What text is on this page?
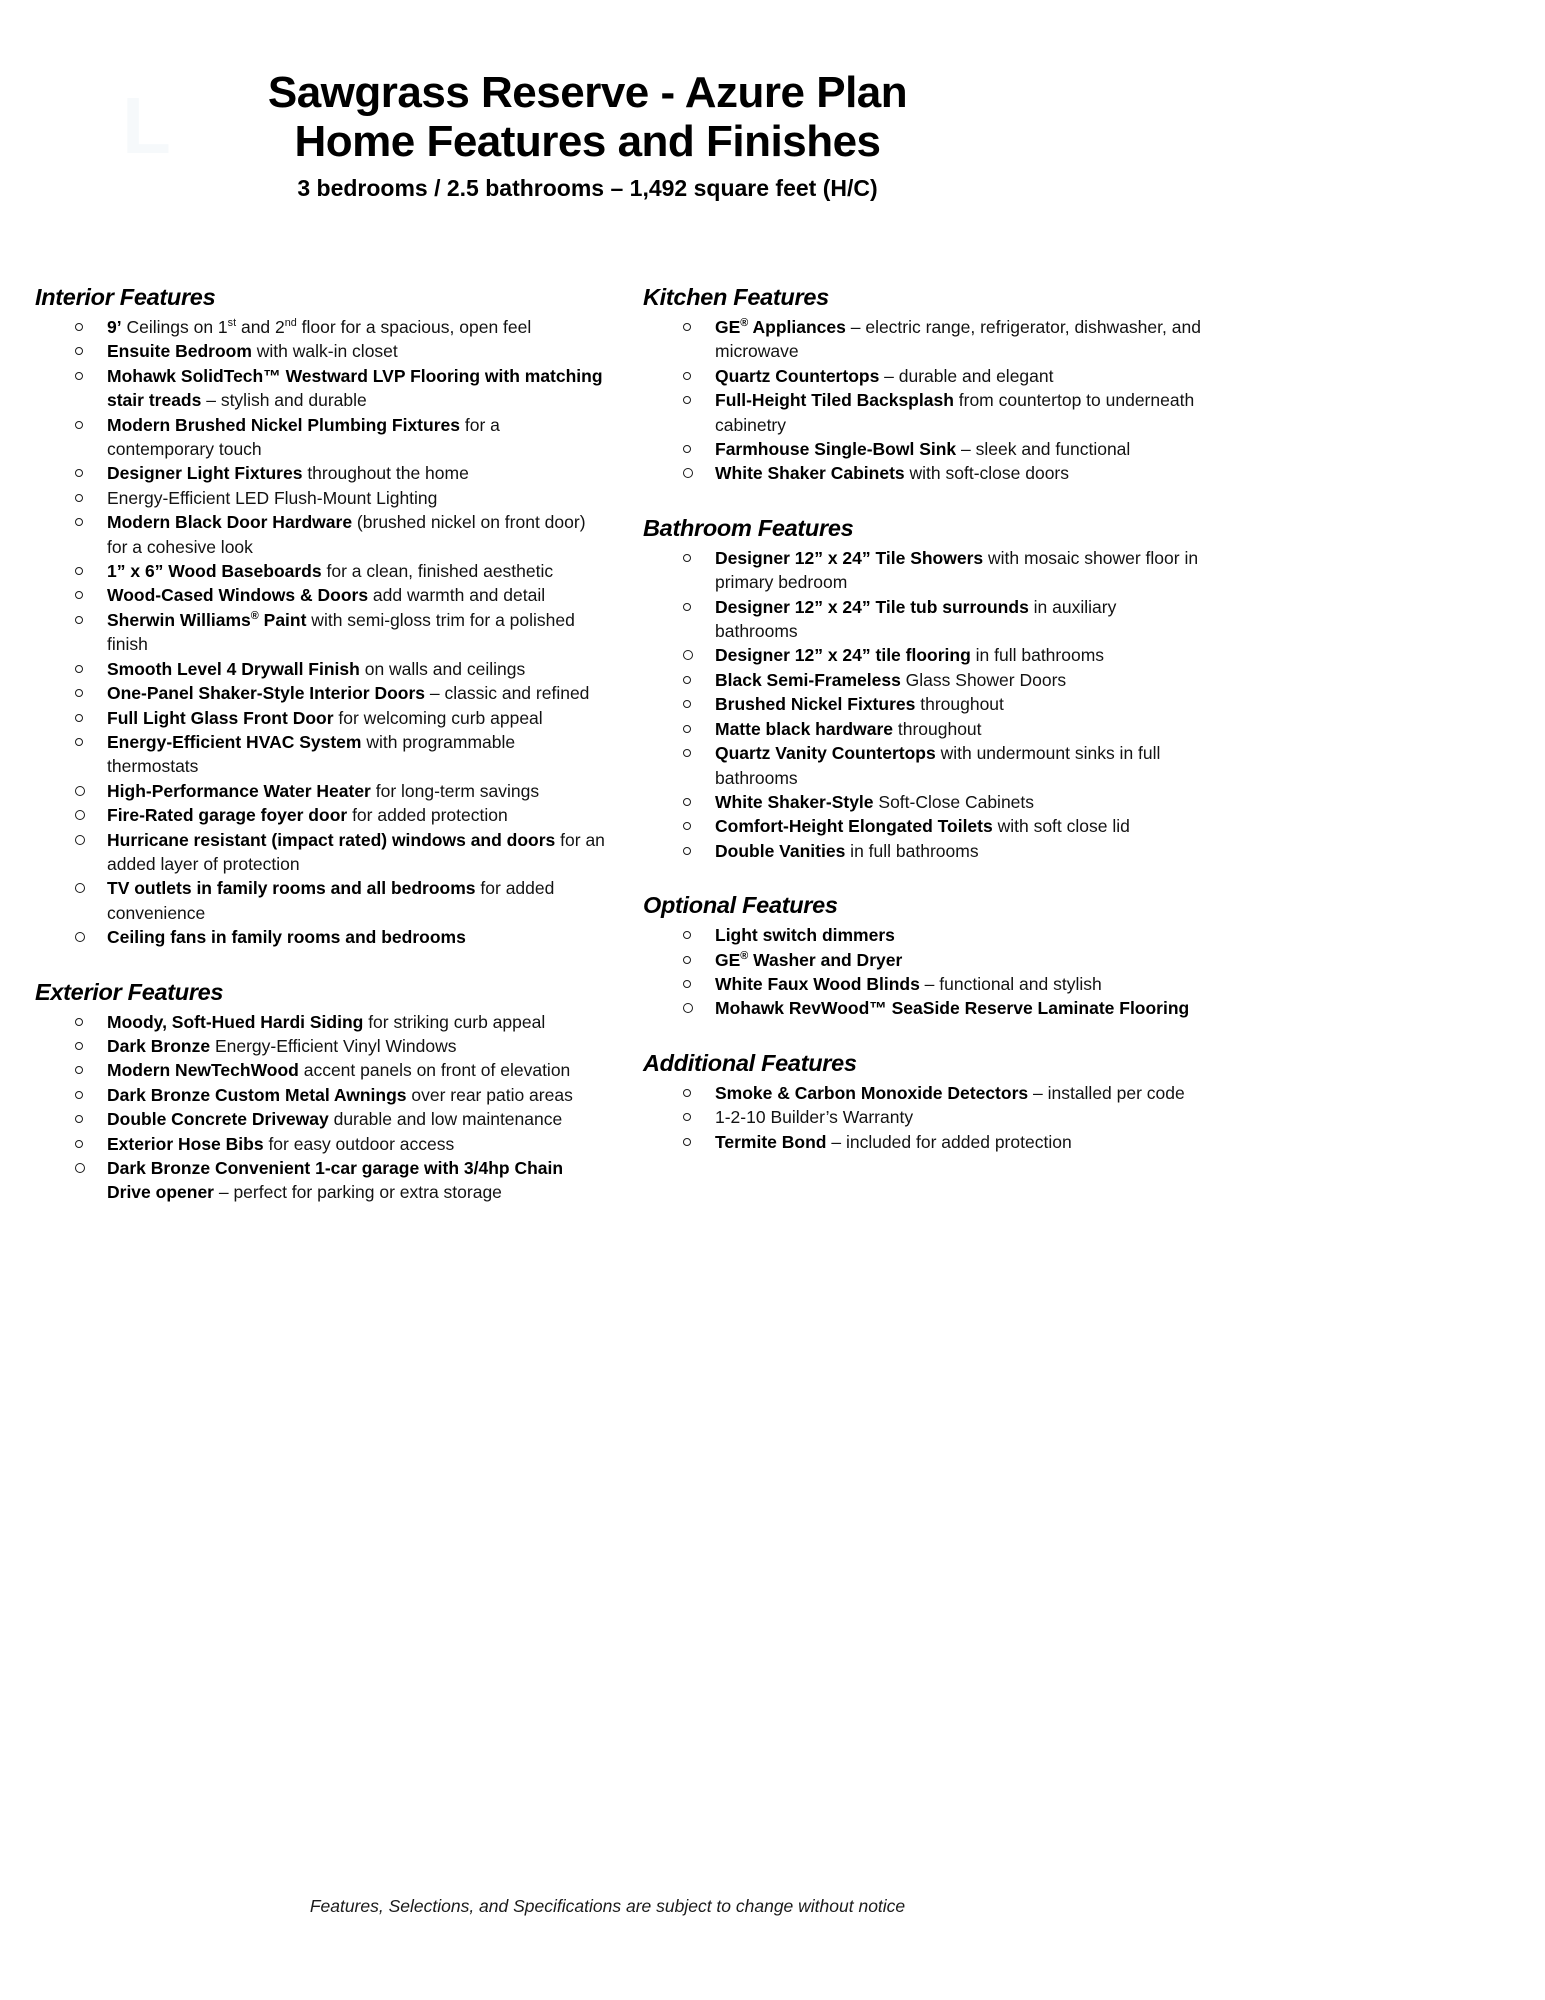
L	Sawgrass Reserve - Azure Plan
Home Features and Finishes
3 bedrooms / 2.5 bathrooms – 1,492 square feet (H/C)
Interior Features
9’ Ceilings on 1st and 2nd floor for a spacious, open feel
Ensuite Bedroom with walk-in closet
Mohawk SolidTech™ Westward LVP Flooring with matching stair treads – stylish and durable
Modern Brushed Nickel Plumbing Fixtures for a contemporary touch
Designer Light Fixtures throughout the home
Energy-Efficient LED Flush-Mount Lighting
Modern Black Door Hardware (brushed nickel on front door) for a cohesive look
1” x 6” Wood Baseboards for a clean, finished aesthetic
Wood-Cased Windows & Doors add warmth and detail
Sherwin Williams® Paint with semi-gloss trim for a polished finish
Smooth Level 4 Drywall Finish on walls and ceilings
One-Panel Shaker-Style Interior Doors – classic and refined
Full Light Glass Front Door for welcoming curb appeal
Energy-Efficient HVAC System with programmable thermostats
High-Performance Water Heater for long-term savings
Fire-Rated garage foyer door for added protection
Hurricane resistant (impact rated) windows and doors for an added layer of protection
TV outlets in family rooms and all bedrooms for added convenience
Ceiling fans in family rooms and bedrooms
Exterior Features
Moody, Soft-Hued Hardi Siding for striking curb appeal
Dark Bronze Energy-Efficient Vinyl Windows
Modern NewTechWood accent panels on front of elevation
Dark Bronze Custom Metal Awnings over rear patio areas
Double Concrete Driveway durable and low maintenance
Exterior Hose Bibs for easy outdoor access
Dark Bronze Convenient 1-car garage with 3/4hp Chain Drive opener – perfect for parking or extra storage
Kitchen Features
GE® Appliances – electric range, refrigerator, dishwasher, and microwave
Quartz Countertops – durable and elegant
Full-Height Tiled Backsplash from countertop to underneath cabinetry
Farmhouse Single-Bowl Sink – sleek and functional
White Shaker Cabinets with soft-close doors
Bathroom Features
Designer 12” x 24” Tile Showers with mosaic shower floor in primary bedroom
Designer 12” x 24” Tile tub surrounds in auxiliary bathrooms
Designer 12” x 24” tile flooring in full bathrooms
Black Semi-Frameless Glass Shower Doors
Brushed Nickel Fixtures throughout
Matte black hardware throughout
Quartz Vanity Countertops with undermount sinks in full bathrooms
White Shaker-Style Soft-Close Cabinets
Comfort-Height Elongated Toilets with soft close lid
Double Vanities in full bathrooms
Optional Features
Light switch dimmers
GE® Washer and Dryer
White Faux Wood Blinds – functional and stylish
Mohawk RevWood™ SeaSide Reserve Laminate Flooring
Additional Features
Smoke & Carbon Monoxide Detectors – installed per code
1-2-10 Builder’s Warranty
Termite Bond – included for added protection
Features, Selections, and Specifications are subject to change without notice
